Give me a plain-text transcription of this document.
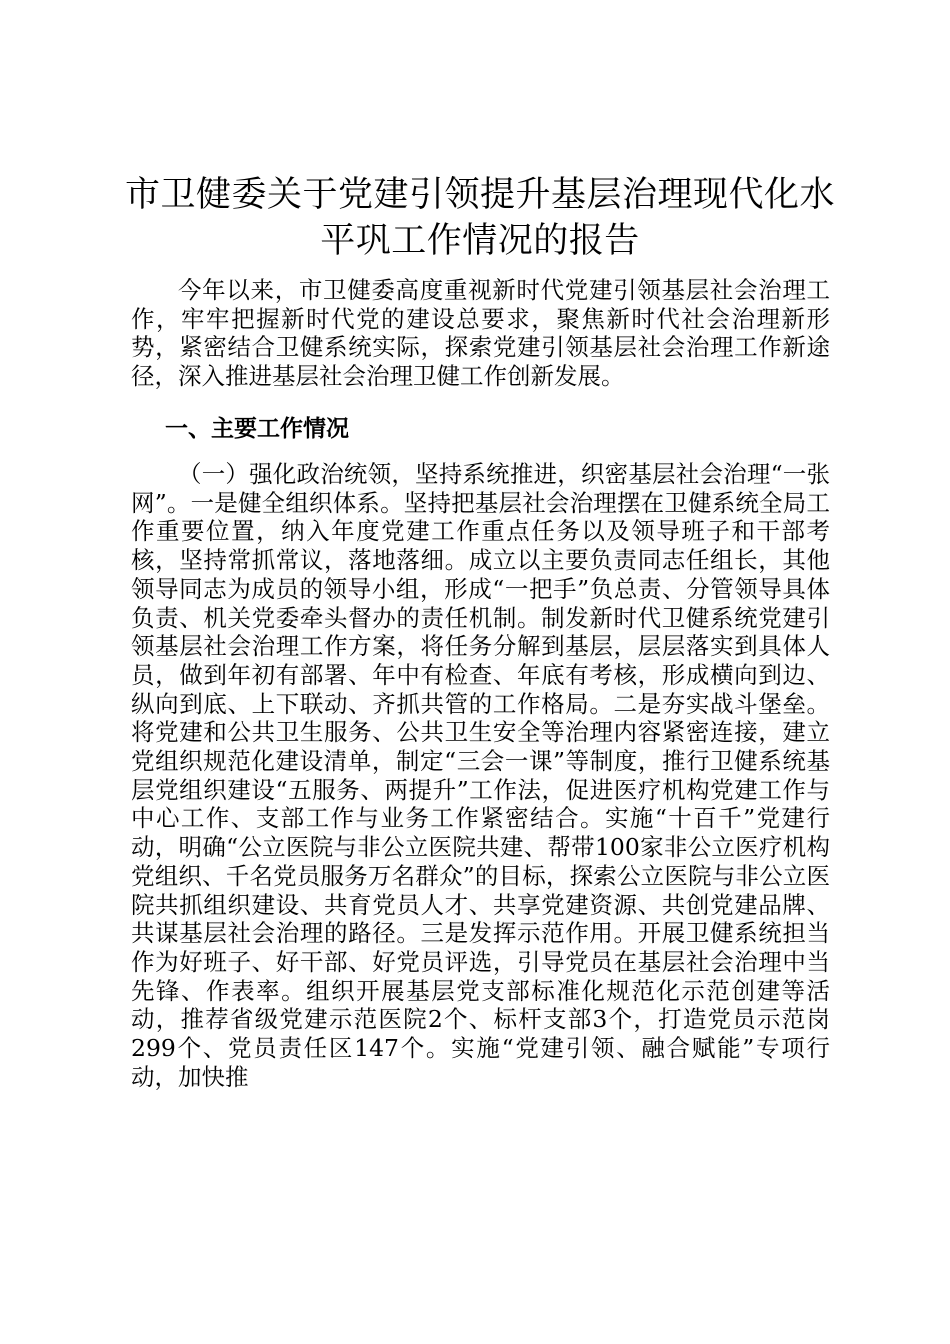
市卫健委关于党建引领提升基层治理现代化水平巩工作情况的报告

今年以来，市卫健委高度重视新时代党建引领基层社会治理工作，牢牢把握新时代党的建设总要求，聚焦新时代社会治理新形势，紧密结合卫健系统实际，探索党建引领基层社会治理工作新途径，深入推进基层社会治理卫健工作创新发展。

一、主要工作情况

（一）强化政治统领，坚持系统推进，织密基层社会治理“一张网”。一是健全组织体系。坚持把基层社会治理摆在卫健系统全局工作重要位置，纳入年度党建工作重点任务以及领导班子和干部考核，坚持常抓常议，落地落细。成立以主要负责同志任组长，其他领导同志为成员的领导小组，形成“一把手”负总责、分管领导具体负责、机关党委牵头督办的责任机制。制发新时代卫健系统党建引领基层社会治理工作方案，将任务分解到基层，层层落实到具体人员，做到年初有部署、年中有检查、年底有考核，形成横向到边、纵向到底、上下联动、齐抓共管的工作格局。二是夯实战斗堡垒。将党建和公共卫生服务、公共卫生安全等治理内容紧密连接，建立党组织规范化建设清单，制定“三会一课”等制度，推行卫健系统基层党组织建设“五服务、两提升”工作法，促进医疗机构党建工作与中心工作、支部工作与业务工作紧密结合。实施“十百千”党建行动，明确“公立医院与非公立医院共建、帮带100家非公立医疗机构党组织、千名党员服务万名群众”的目标，探索公立医院与非公立医院共抓组织建设、共育党员人才、共享党建资源、共创党建品牌、共谋基层社会治理的路径。三是发挥示范作用。开展卫健系统担当作为好班子、好干部、好党员评选，引导党员在基层社会治理中当先锋、作表率。组织开展基层党支部标准化规范化示范创建等活动，推荐省级党建示范医院2个、标杆支部3个，打造党员示范岗299个、党员责任区147个。实施“党建引领、融合赋能”专项行动，加快推
